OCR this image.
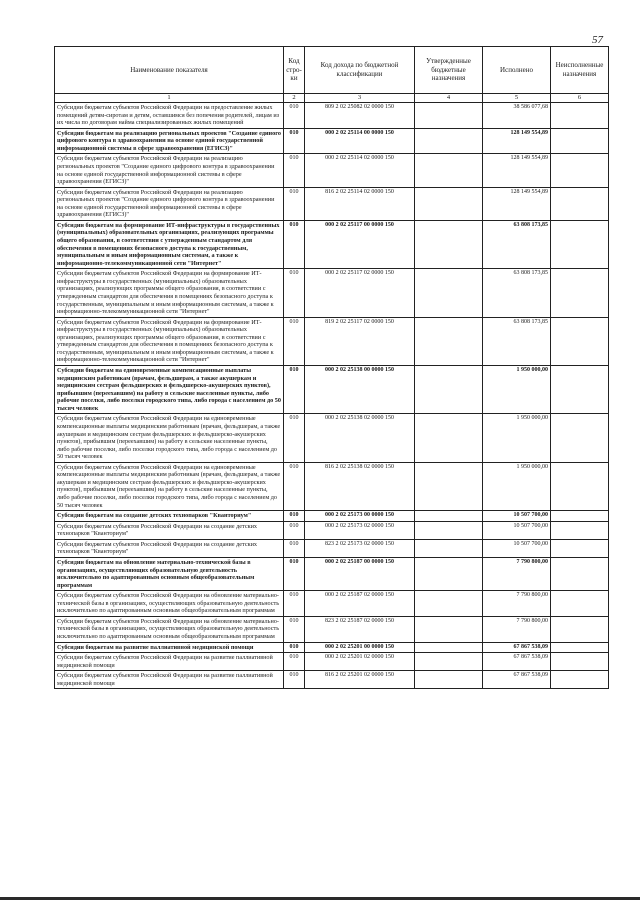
57
Наименование показателя	Код стро-ки	Код дохода по бюджетной классификации	Утвержденные бюджетные назначения	Исполнено	Неисполненные назначения
1	2	3	4	5	6
Субсидии бюджетам субъектов Российской Федерации на предоставление жилых помещений детям-сиротам и детям, оставшимся без попечения родителей, лицам из их числа по договорам найма специализированных жилых помещений	010	809 2 02 25082 02 0000 150		38 586 077,68	
Субсидии бюджетам на реализацию региональных проектов "Создание единого цифрового контура в здравоохранении на основе единой государственной информационной системы в сфере здравоохранения (ЕГИСЗ)"	010	000 2 02 25114 00 0000 150		128 149 554,89	
Субсидии бюджетам субъектов Российской Федерации на реализацию региональных проектов "Создание единого цифрового контура в здравоохранении на основе единой государственной информационной системы в сфере здравоохранения (ЕГИСЗ)"	010	000 2 02 25114 02 0000 150		128 149 554,89	
Субсидии бюджетам субъектов Российской Федерации на реализацию региональных проектов "Создание единого цифрового контура в здравоохранении на основе единой государственной информационной системы в сфере здравоохранения (ЕГИСЗ)"	010	816 2 02 25114 02 0000 150		128 149 554,89	
Субсидии бюджетам на формирование ИТ-инфраструктуры в государственных (муниципальных) образовательных организациях, реализующих программы общего образования, в соответствии с утвержденным стандартом для обеспечения в помещениях безопасного доступа к государственным, муниципальным и иным информационным системам, а также к информационно-телекоммуникационной сети "Интернет"	010	000 2 02 25117 00 0000 150		63 808 173,85	
Субсидии бюджетам субъектов Российской Федерации на формирование ИТ-инфраструктуры в государственных (муниципальных) образовательных организациях, реализующих программы общего образования, в соответствии с утвержденным стандартом для обеспечения в помещениях безопасного доступа к государственным, муниципальным и иным информационным системам, а также к информационно-телекоммуникационной сети "Интернет"	010	000 2 02 25117 02 0000 150		63 808 173,85	
Субсидии бюджетам субъектов Российской Федерации на формирование ИТ-инфраструктуры в государственных (муниципальных) образовательных организациях, реализующих программы общего образования, в соответствии с утвержденным стандартом для обеспечения в помещениях безопасного доступа к государственным, муниципальным и иным информационным системам, а также к информационно-телекоммуникационной сети "Интернет"	010	819 2 02 25117 02 0000 150		63 808 173,85	
Субсидии бюджетам на единовременные компенсационные выплаты медицинским работникам (врачам, фельдшерам, а также акушеркам и медицинским сестрам фельдшерских и фельдшерско-акушерских пунктов), прибывшим (переехавшим) на работу в сельские населенные пункты, либо рабочие поселки, либо поселки городского типа, либо города с населением до 50 тысяч человек	010	000 2 02 25138 00 0000 150		1 950 000,00	
Субсидии бюджетам субъектов Российской Федерации на единовременные компенсационные выплаты медицинским работникам (врачам, фельдшерам, а также акушеркам и медицинским сестрам фельдшерских и фельдшерско-акушерских пунктов), прибывшим (переехавшим) на работу в сельские населенные пункты, либо рабочие поселки, либо поселки городского типа, либо города с населением до 50 тысяч человек	010	000 2 02 25138 02 0000 150		1 950 000,00	
Субсидии бюджетам субъектов Российской Федерации на единовременные компенсационные выплаты медицинским работникам (врачам, фельдшерам, а также акушеркам и медицинским сестрам фельдшерских и фельдшерско-акушерских пунктов), прибывшим (переехавшим) на работу в сельские населенные пункты, либо рабочие поселки, либо поселки городского типа, либо города с населением до 50 тысяч человек	010	816 2 02 25138 02 0000 150		1 950 000,00	
Субсидии бюджетам на создание детских технопарков "Кванториум"	010	000 2 02 25173 00 0000 150		10 507 700,00	
Субсидии бюджетам субъектов Российской Федерации на создание детских технопарков "Кванториум"	010	000 2 02 25173 02 0000 150		10 507 700,00	
Субсидии бюджетам субъектов Российской Федерации на создание детских технопарков "Кванториум"	010	823 2 02 25173 02 0000 150		10 507 700,00	
Субсидии бюджетам на обновление материально-технической базы в организациях, осуществляющих образовательную деятельность исключительно по адаптированным основным общеобразовательным программам	010	000 2 02 25187 00 0000 150		7 790 800,00	
Субсидии бюджетам субъектов Российской Федерации на обновление материально-технической базы в организациях, осуществляющих образовательную деятельность исключительно по адаптированным основным общеобразовательным программам	010	000 2 02 25187 02 0000 150		7 790 800,00	
Субсидии бюджетам субъектов Российской Федерации на обновление материально-технической базы в организациях, осуществляющих образовательную деятельность исключительно по адаптированным основным общеобразовательным программам	010	823 2 02 25187 02 0000 150		7 790 800,00	
Субсидии бюджетам на развитие паллиативной медицинской помощи	010	000 2 02 25201 00 0000 150		67 867 538,09	
Субсидии бюджетам субъектов Российской Федерации на развитие паллиативной медицинской помощи	010	000 2 02 25201 02 0000 150		67 867 538,09	
Субсидии бюджетам субъектов Российской Федерации на развитие паллиативной медицинской помощи	010	816 2 02 25201 02 0000 150		67 867 538,09	
